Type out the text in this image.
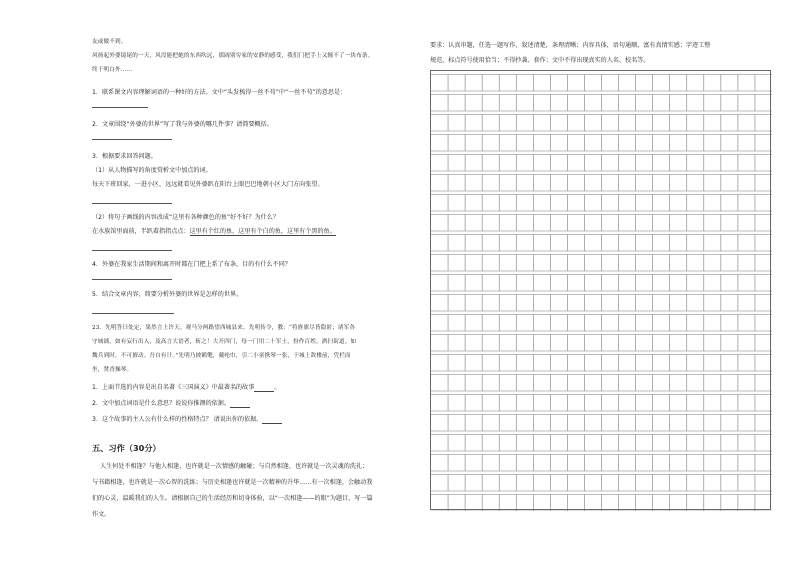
友或做不到。
风扬起外婆镜尾的一天，风没能把她的东西吹远，那阔别穷家的安静的感受，我们门把手上又缠不了一块布条。
终于明白外……
1．联系课文内容理解词语的一种好的方法。文中“头发梳得一丝不苟”中“一丝不苟”的意思是：
2．文章围绕“外婆的世界”写了我与外婆的哪几件事？请简要概括。
3．根据要求回答问题。
（1）从人物描写的角度赏析文中加点的词。
每天下班回家，一进小区，远远就看见外婆趴在阳台上眼巴巴地朝小区大门方向张望。
（2）将句子画线的内容改成“这里有各种颜色的鱼”好不好？为什么？
在水族馆里面前，半趴着指指点点：这里有个红的鱼，这里有个白的鱼，这里有个黑的鱼。
4．外婆在我家生活期间和离开时都在门把上系了布条，目的有什么不同？
5．结合文章内容，简要分析外婆的世界是怎样的世界。
23．先明答曰处定，果然言上许天。观马分两路望西城县来。先明传令，教：“将旌旗尽皆隐匿；诸军各
守城铺，如有妄行出入，及高言大语者，斩之！大开四门，每一门用二十军士，扮作百姓，洒扫街道。如
魏兵到时，不可擅动。吾自有计。”先明乃披鹤氅，戴纶巾，引二小童携琴一张，于城上敌楼前，凭栏而
坐，焚香操琴。
1．上面节选的内容是出自名著《三国演义》中最著名的故事	。
2．文中加点词语是什么意思？说说你推测的依据。
3．这个故事的主人公有什么样的性格特点？ 请说出你的依据。
五、习作（30分）
人生何处不相逢？与他人相逢，也许就是一次情感的触碰；与自然相逢，也许就是一次灵魂的洗礼；
与书籍相逢，也许就是一次心智的洗练；与历史相逢也许就是一次精神的升华……有一次相逢，会触动我
们的心灵，温暖我们的人生。请根据自己的生活经历和切身体验，以“一次相逢——的眼”为题目，写一篇
作文。
要求：认真审题，任选一题写作，叙述清楚，条理清晰；内容具体，语句通顺，富有真情实感；字迹工整
规范，标点符号使用恰当；不得抄袭、套作；文中不得出现真实的人名、校名等。
